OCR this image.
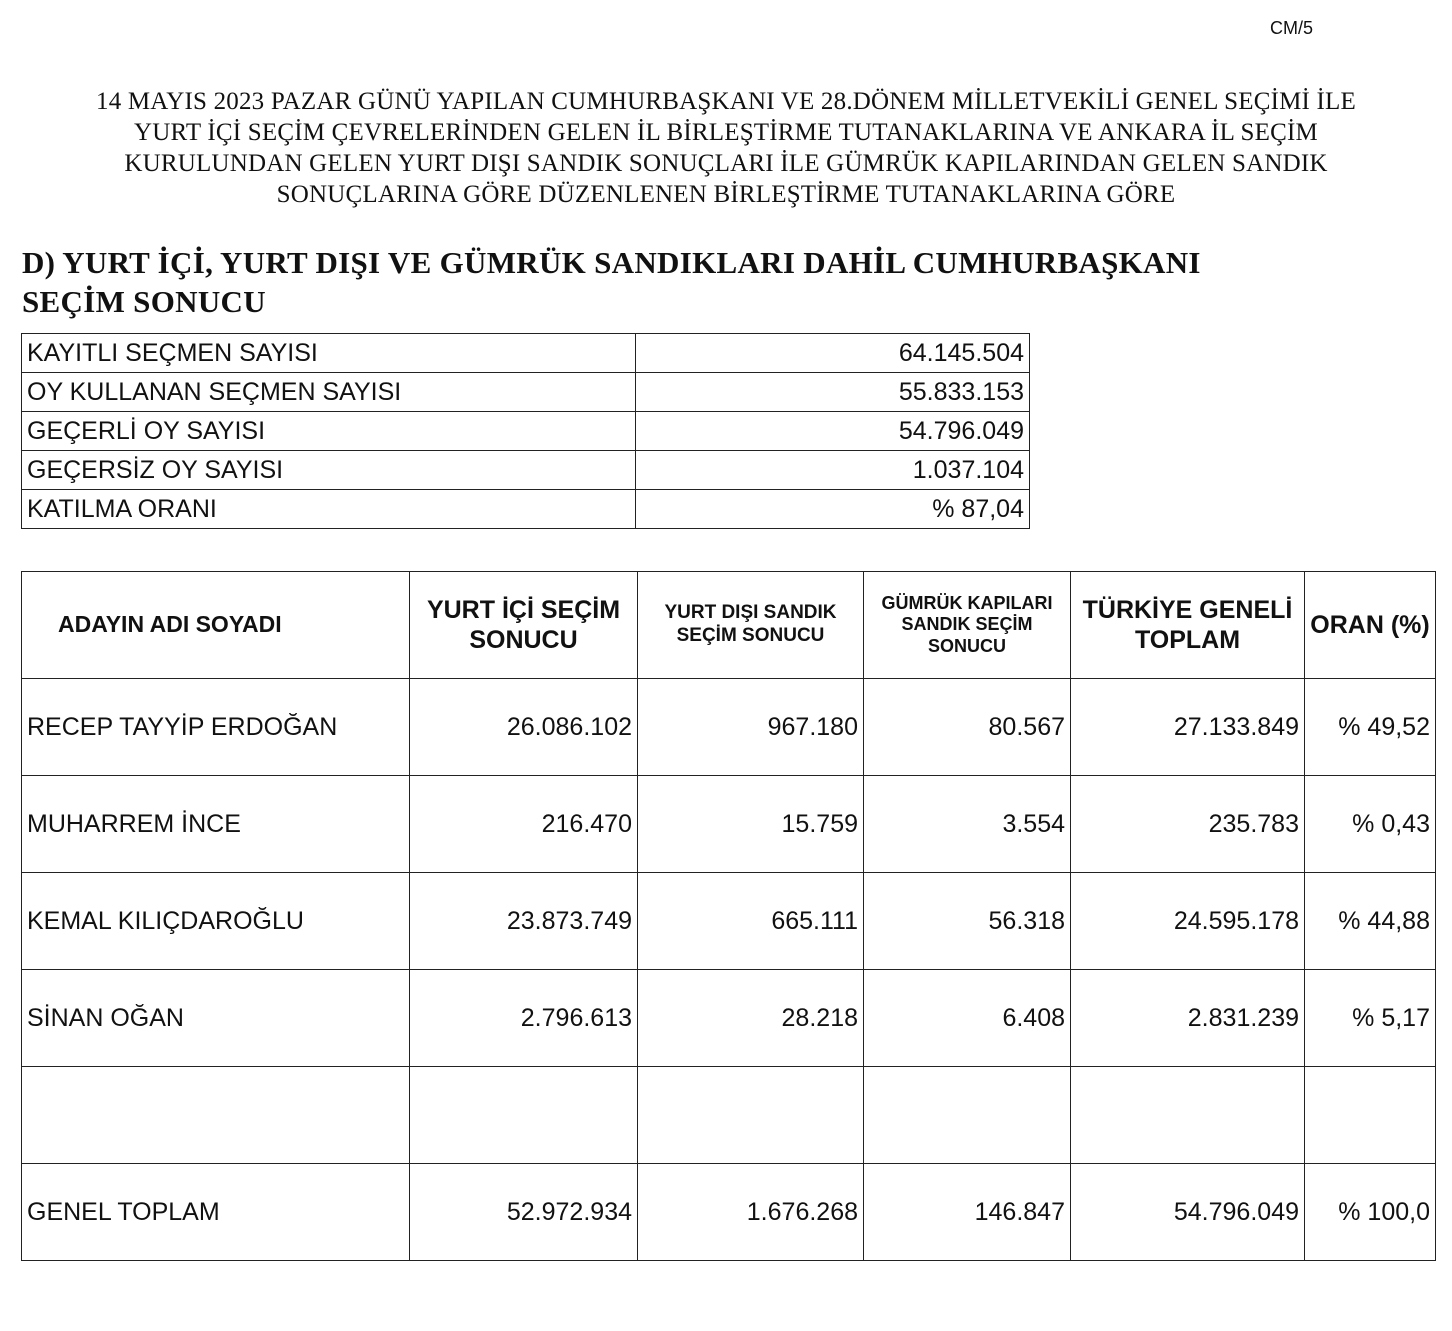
CM/5
14 MAYIS 2023 PAZAR GÜNÜ YAPILAN CUMHURBAŞKANI VE 28.DÖNEM MİLLETVEKİLİ GENEL SEÇİMİ İLE
YURT İÇİ SEÇİM ÇEVRELERİNDEN GELEN İL BİRLEŞTİRME TUTANAKLARINA VE ANKARA İL SEÇİM
KURULUNDAN GELEN YURT DIŞI SANDIK SONUÇLARI İLE GÜMRÜK KAPILARINDAN GELEN SANDIK
SONUÇLARINA GÖRE DÜZENLENEN BİRLEŞTİRME TUTANAKLARINA GÖRE
D) YURT İÇİ, YURT DIŞI VE GÜMRÜK SANDIKLARI DAHİL CUMHURBAŞKANI
SEÇİM SONUCU
KAYITLI SEÇMEN SAYISI	64.145.504
OY KULLANAN SEÇMEN SAYISI	55.833.153
GEÇERLİ OY SAYISI	54.796.049
GEÇERSİZ OY SAYISI	1.037.104
KATILMA ORANI	% 87,04
ADAYIN ADI SOYADI	YURT İÇİ SEÇİM SONUCU	YURT DIŞI SANDIK SEÇİM SONUCU	GÜMRÜK KAPILARI SANDIK SEÇİM SONUCU	TÜRKİYE GENELİ TOPLAM	ORAN (%)
RECEP TAYYİP ERDOĞAN	26.086.102	967.180	80.567	27.133.849	% 49,52
MUHARREM İNCE	216.470	15.759	3.554	235.783	% 0,43
KEMAL KILIÇDAROĞLU	23.873.749	665.111	56.318	24.595.178	% 44,88
SİNAN OĞAN	2.796.613	28.218	6.408	2.831.239	% 5,17

GENEL TOPLAM	52.972.934	1.676.268	146.847	54.796.049	% 100,0
